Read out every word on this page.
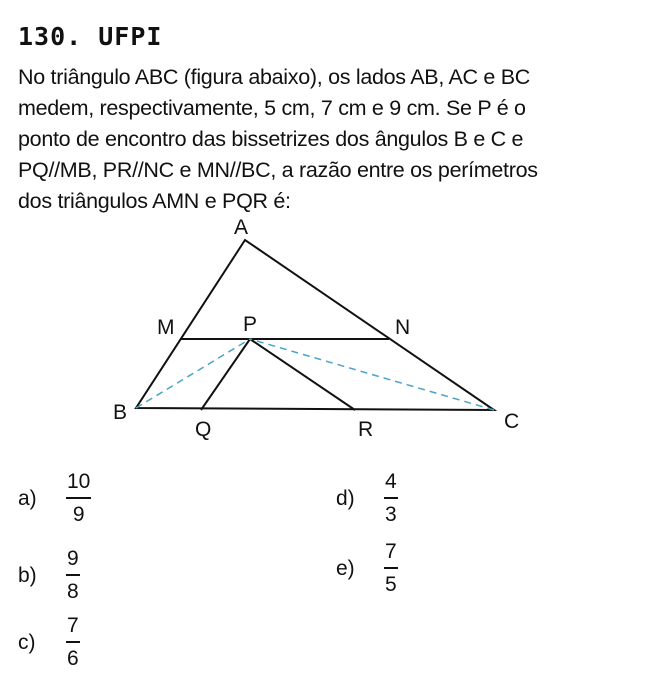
130. UFPI
No triângulo ABC (figura abaixo), os lados AB, AC e BC
medem, respectivamente, 5 cm, 7 cm e 9 cm. Se P é o
ponto de encontro das bissetrizes dos ângulos B e C e
PQ//MB, PR//NC e MN//BC, a razão entre os perímetros
dos triângulos AMN e PQR é:
A
M	P	N
B
Q	R	C
a)	$\frac{10}{9}$
b)	$\frac{9}{8}$
c)	$\frac{7}{6}$
d)	$\frac{4}{3}$
e)	$\frac{7}{5}$
